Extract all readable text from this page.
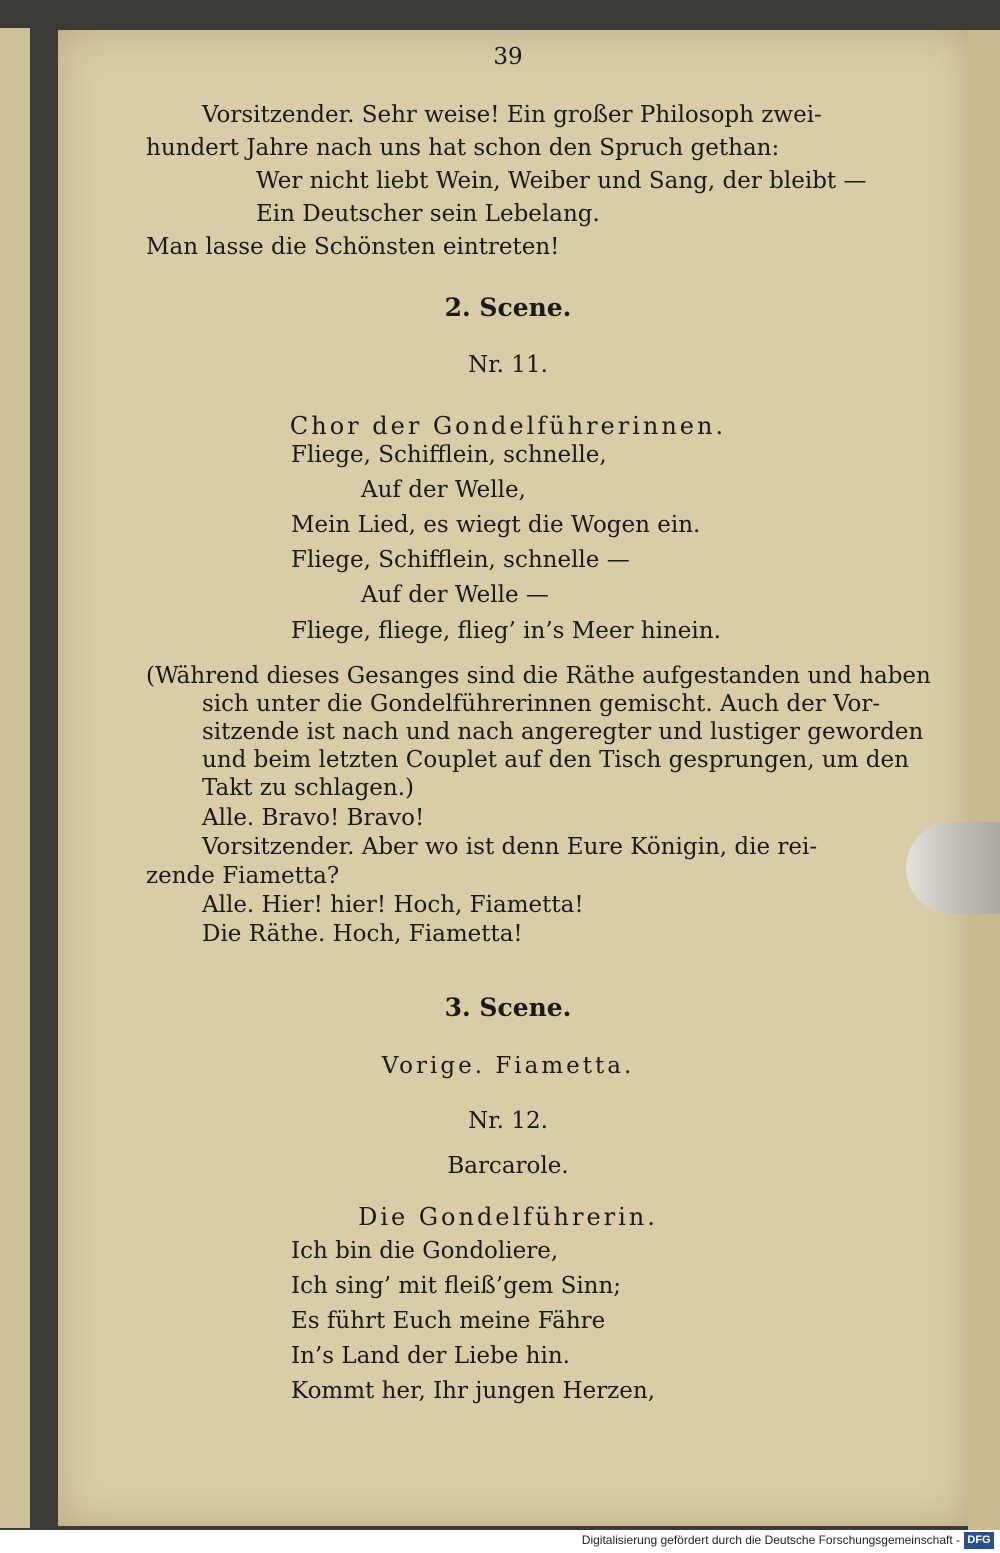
39
Vorsitzender. Sehr weise! Ein großer Philosoph zwei-
hundert Jahre nach uns hat schon den Spruch gethan:
Wer nicht liebt Wein, Weiber und Sang, der bleibt —
Ein Deutscher sein Lebelang.
Man lasse die Schönsten eintreten!
2. Scene.
Nr. 11.
Chor der Gondelführerinnen.
Fliege, Schifflein, schnelle,
Auf der Welle,
Mein Lied, es wiegt die Wogen ein.
Fliege, Schifflein, schnelle —
Auf der Welle —
Fliege, fliege, flieg’ in’s Meer hinein.
(Während dieses Gesanges sind die Räthe aufgestanden und haben
sich unter die Gondelführerinnen gemischt. Auch der Vor-
sitzende ist nach und nach angeregter und lustiger geworden
und beim letzten Couplet auf den Tisch gesprungen, um den
Takt zu schlagen.)
Alle. Bravo! Bravo!
Vorsitzender. Aber wo ist denn Eure Königin, die rei-
zende Fiametta?
Alle. Hier! hier! Hoch, Fiametta!
Die Räthe. Hoch, Fiametta!
3. Scene.
Vorige. Fiametta.
Nr. 12.
Barcarole.
Die Gondelführerin.
Ich bin die Gondoliere,
Ich sing’ mit fleiß’gem Sinn;
Es führt Euch meine Fähre
In’s Land der Liebe hin.
Kommt her, Ihr jungen Herzen,
Digitalisierung gefördert durch die Deutsche Forschungsgemeinschaft - DFG
